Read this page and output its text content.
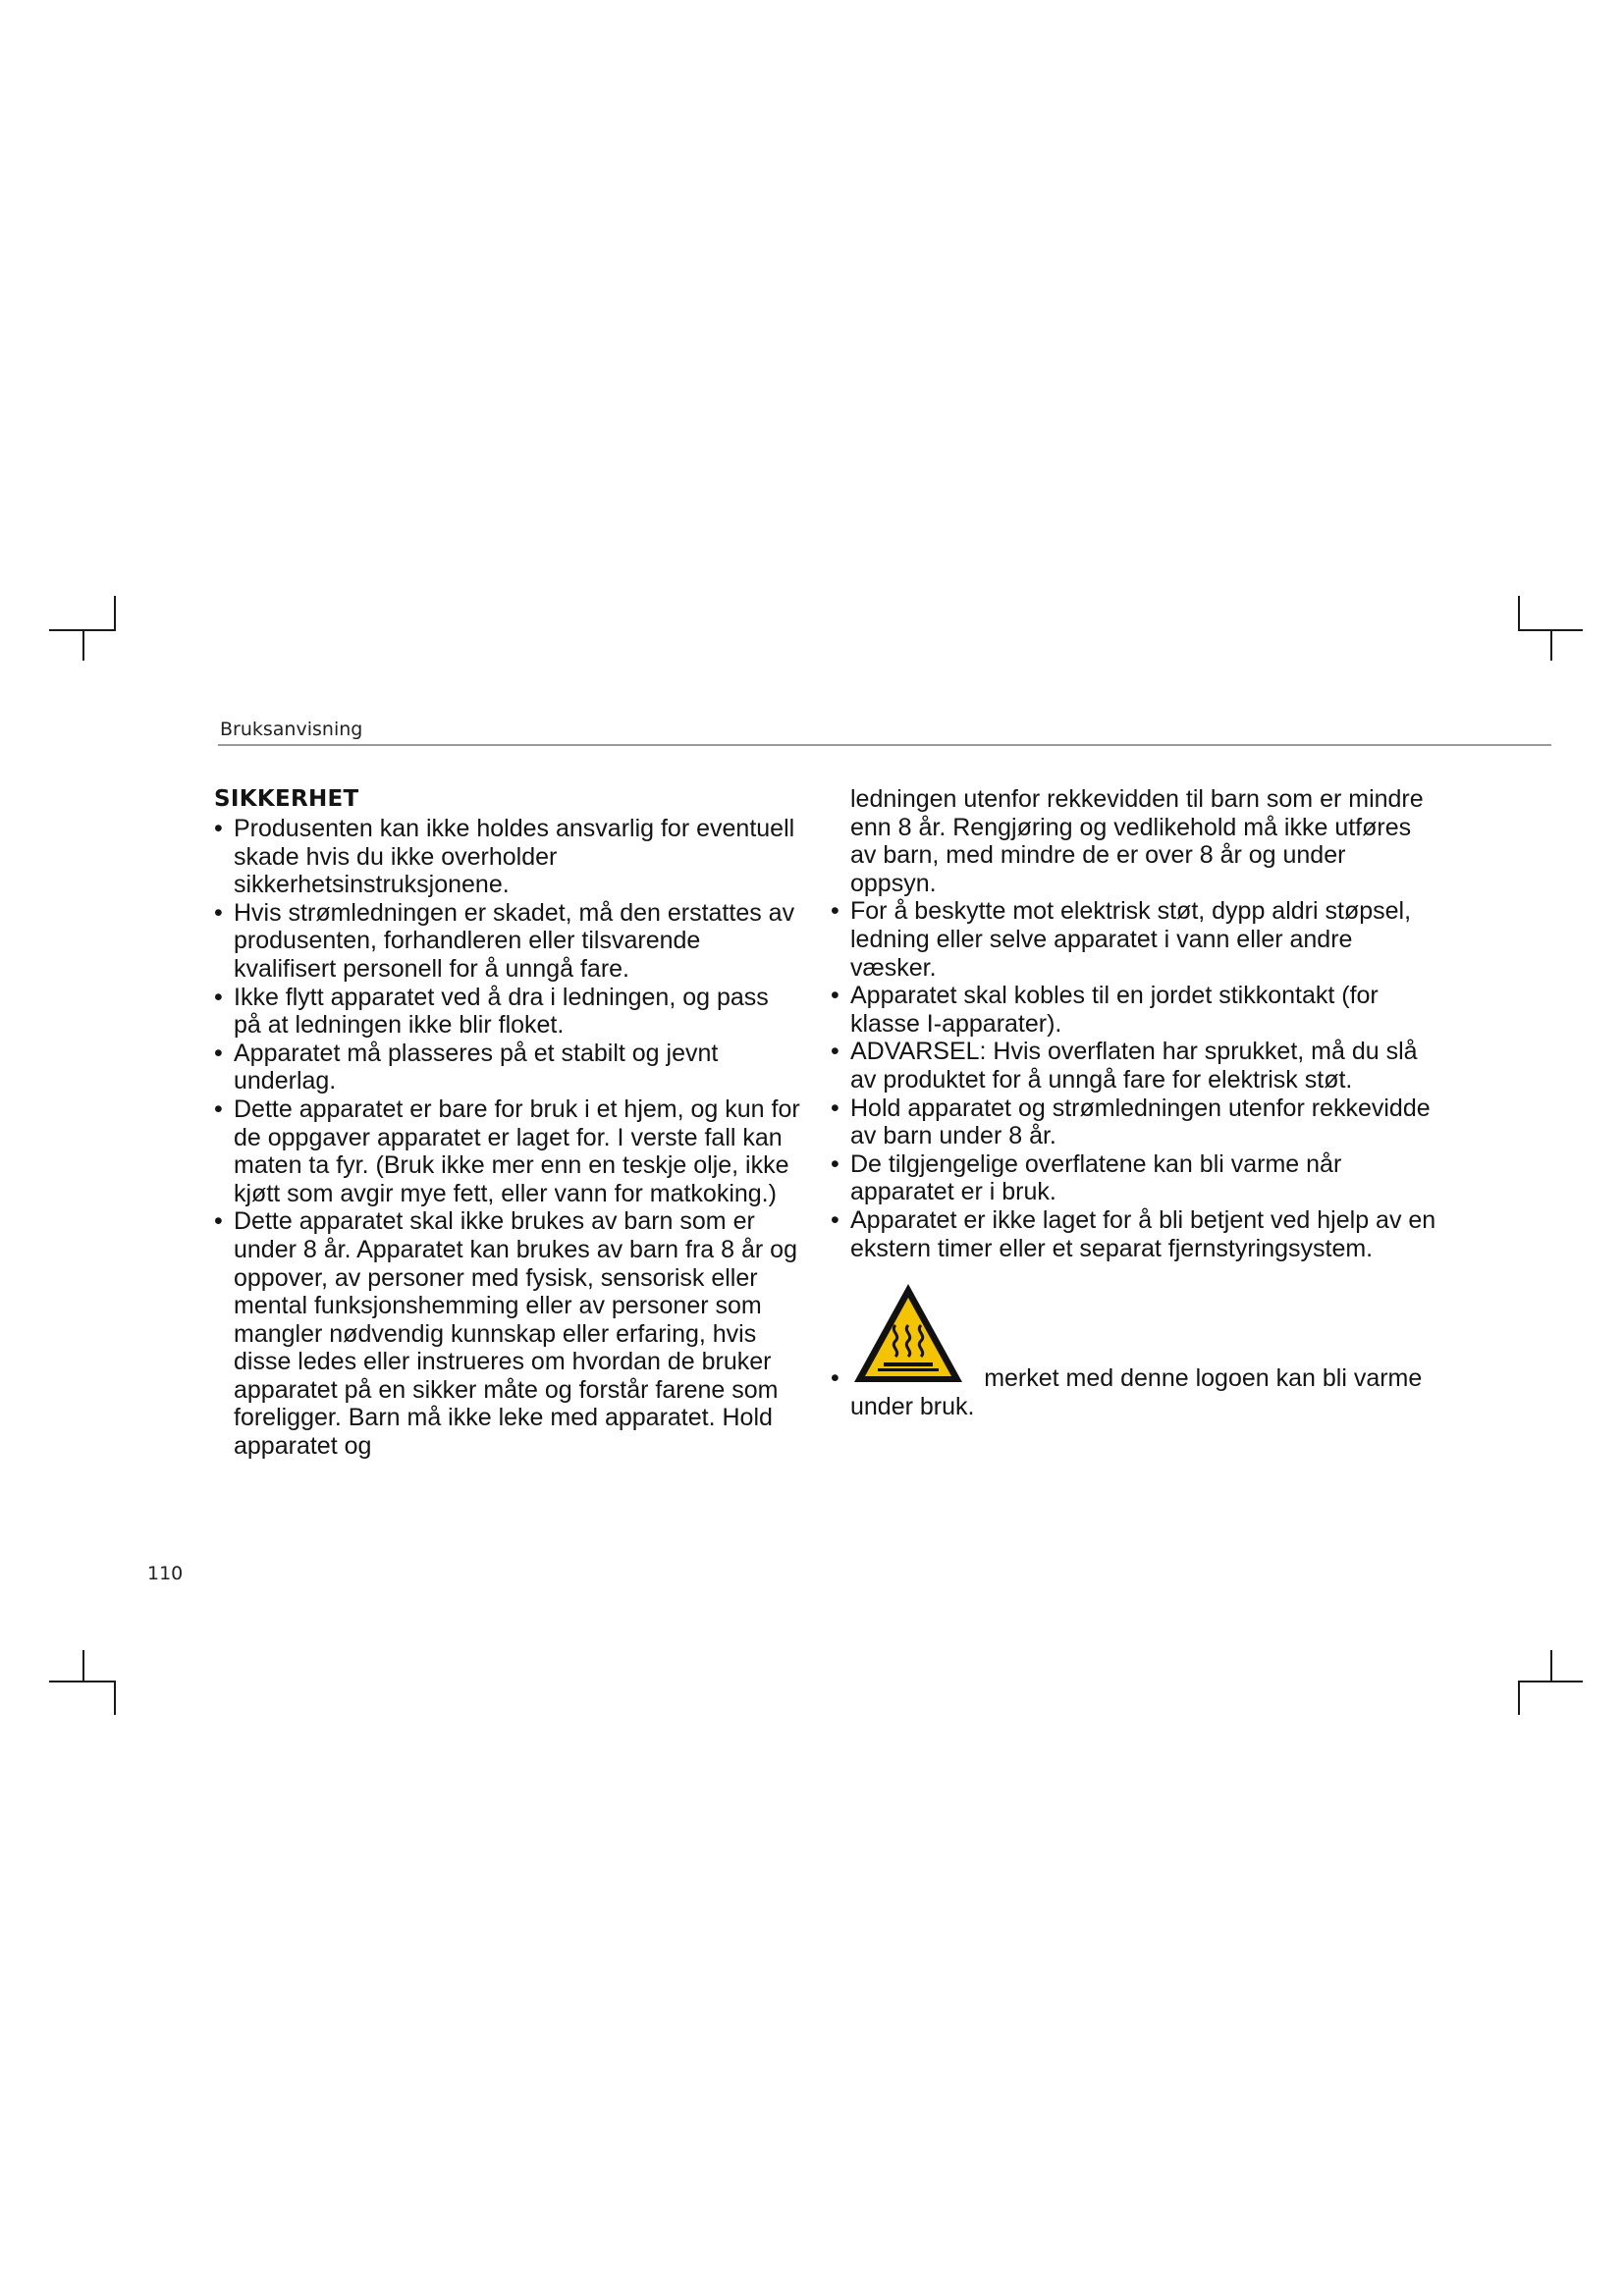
Bruksanvisning
SIKKERHET
• Produsenten kan ikke holdes ansvarlig for eventuell skade hvis du ikke overholder sikkerhetsinstruksjonene.
• Hvis strømledningen er skadet, må den erstattes av produsenten, forhandleren eller tilsvarende kvalifisert personell for å unngå fare.
• Ikke flytt apparatet ved å dra i ledningen, og pass på at ledningen ikke blir floket.
• Apparatet må plasseres på et stabilt og jevnt underlag.
• Dette apparatet er bare for bruk i et hjem, og kun for de oppgaver apparatet er laget for. I verste fall kan maten ta fyr. (Bruk ikke mer enn en teskje olje, ikke kjøtt som avgir mye fett, eller vann for matkoking.)
• Dette apparatet skal ikke brukes av barn som er under 8 år. Apparatet kan brukes av barn fra 8 år og oppover, av personer med fysisk, sensorisk eller mental funksjonshemming eller av personer som mangler nødvendig kunnskap eller erfaring, hvis disse ledes eller instrueres om hvordan de bruker apparatet på en sikker måte og forstår farene som foreligger. Barn må ikke leke med apparatet. Hold apparatet og
ledningen utenfor rekkevidden til barn som er mindre enn 8 år. Rengjøring og vedlikehold må ikke utføres av barn, med mindre de er over 8 år og under oppsyn.
• For å beskytte mot elektrisk støt, dypp aldri støpsel, ledning eller selve apparatet i vann eller andre væsker.
• Apparatet skal kobles til en jordet stikkontakt (for klasse I-apparater).
• ADVARSEL: Hvis overflaten har sprukket, må du slå av produktet for å unngå fare for elektrisk støt.
• Hold apparatet og strømledningen utenfor rekkevidde av barn under 8 år.
• De tilgjengelige overflatene kan bli varme når apparatet er i bruk.
• Apparatet er ikke laget for å bli betjent ved hjelp av en ekstern timer eller et separat fjernstyringsystem.
•	merket med denne logoen kan bli varme under bruk.
110
